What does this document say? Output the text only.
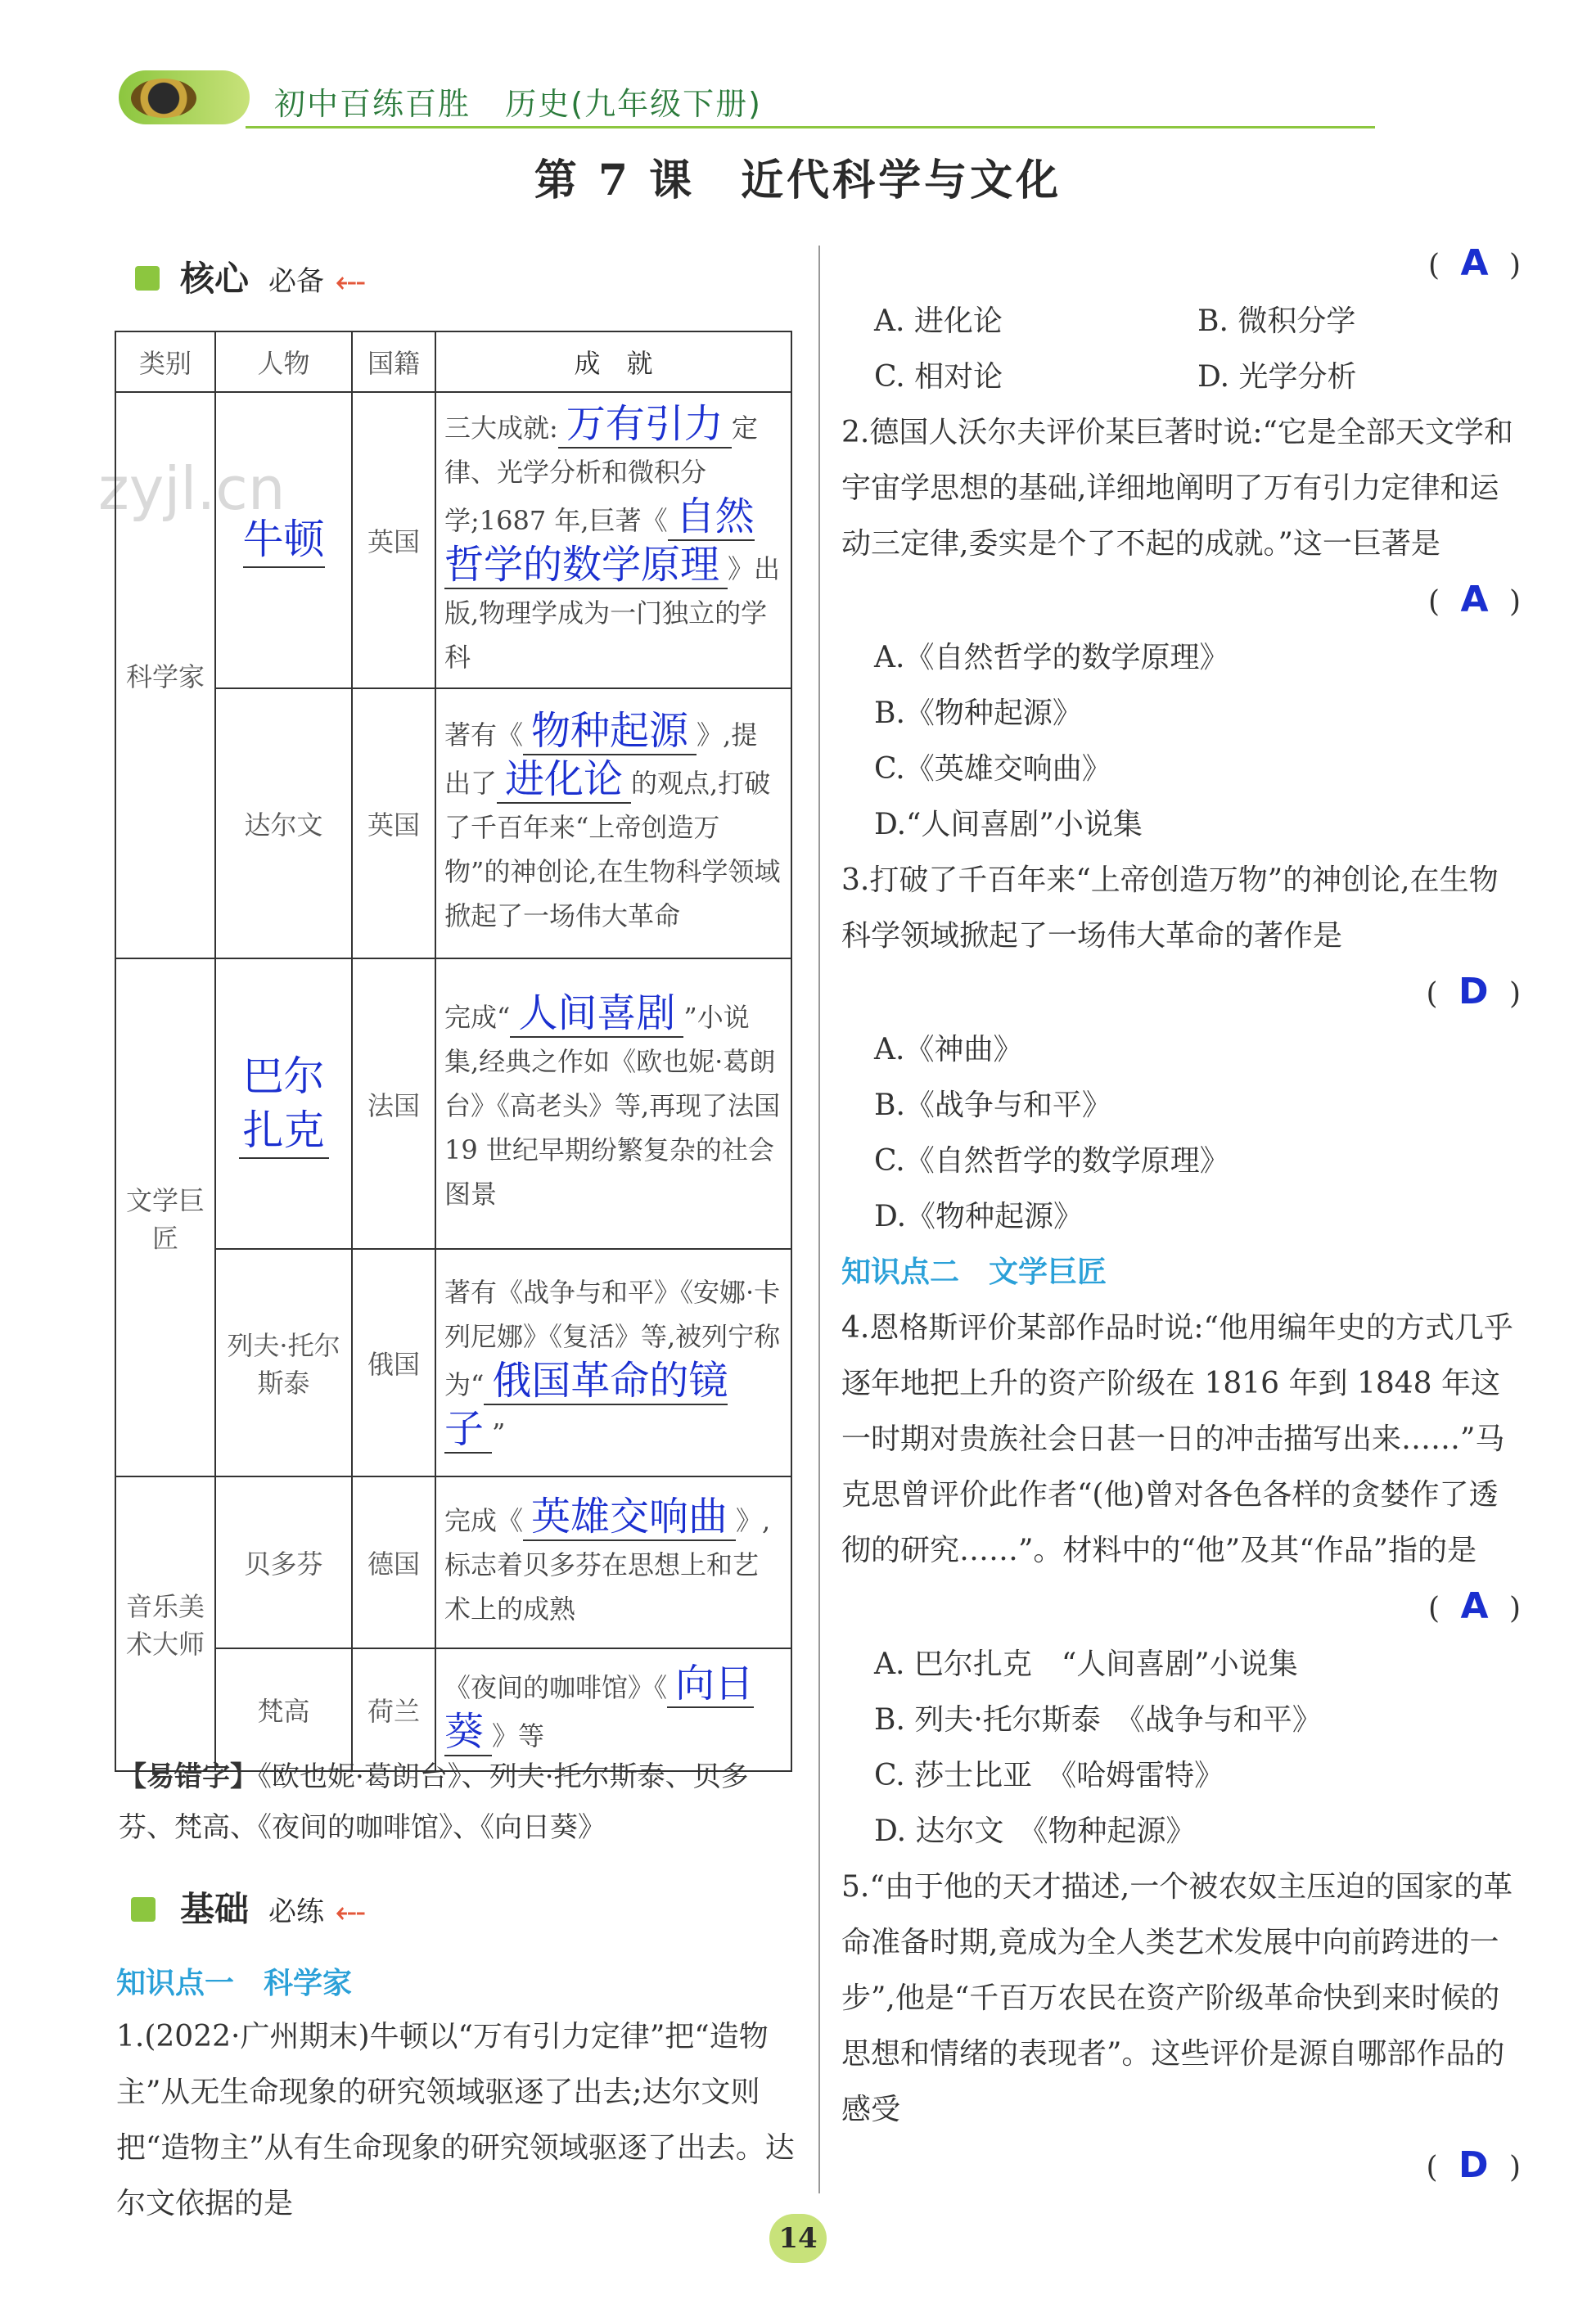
初中百练百胜 历史(九年级下册)
第 7 课　近代科学与文化
zyjl.cn
核心 必备 ⤎
类别	人物	国籍	成　就
科学家	牛顿	英国	三大成就: 万有引力 定律、光学分析和微积分学;1687 年,巨著《 自然哲学的数学原理 》出版,物理学成为一门独立的学科
	达尔文	英国	著有《 物种起源 》,提出了 进化论 的观点,打破了千百年来“上帝创造万物”的神创论,在生物科学领域掀起了一场伟大革命
文学巨匠	巴尔扎克	法国	完成“ 人间喜剧 ”小说集,经典之作如《欧也妮·葛朗台》《高老头》等,再现了法国 19 世纪早期纷繁复杂的社会图景
	列夫·托尔斯泰	俄国	著有《战争与和平》《安娜·卡列尼娜》《复活》等,被列宁称为“ 俄国革命的镜子 ”
音乐美术大师	贝多芬	德国	完成《 英雄交响曲 》,标志着贝多芬在思想上和艺术上的成熟
	梵高	荷兰	《夜间的咖啡馆》《 向日葵 》等
【易错字】《欧也妮·葛朗台》、列夫·托尔斯泰、贝多芬、梵高、《夜间的咖啡馆》、《向日葵》
基础 必练 ⤎
知识点一　科学家
1.(2022·广州期末)牛顿以“万有引力定律”把“造物主”从无生命现象的研究领域驱逐了出去;达尔文则把“造物主”从有生命现象的研究领域驱逐了出去。达尔文依据的是
( A )
A. 进化论	B. 微积分学
C. 相对论	D. 光学分析
2.德国人沃尔夫评价某巨著时说:“它是全部天文学和宇宙学思想的基础,详细地阐明了万有引力定律和运动三定律,委实是个了不起的成就。”这一巨著是
( A )
A.《自然哲学的数学原理》
B.《物种起源》
C.《英雄交响曲》
D.“人间喜剧”小说集
3.打破了千百年来“上帝创造万物”的神创论,在生物科学领域掀起了一场伟大革命的著作是
( D )
A.《神曲》
B.《战争与和平》
C.《自然哲学的数学原理》
D.《物种起源》
知识点二　文学巨匠
4.恩格斯评价某部作品时说:“他用编年史的方式几乎逐年地把上升的资产阶级在 1816 年到 1848 年这一时期对贵族社会日甚一日的冲击描写出来……”马克思曾评价此作者“(他)曾对各色各样的贪婪作了透彻的研究……”。材料中的“他”及其“作品”指的是
( A )
A. 巴尔扎克　“人间喜剧”小说集
B. 列夫·托尔斯泰　《战争与和平》
C. 莎士比亚　《哈姆雷特》
D. 达尔文　《物种起源》
5.“由于他的天才描述,一个被农奴主压迫的国家的革命准备时期,竟成为全人类艺术发展中向前跨进的一步”,他是“千百万农民在资产阶级革命快到来时候的思想和情绪的表现者”。这些评价是源自哪部作品的感受
( D )
14
